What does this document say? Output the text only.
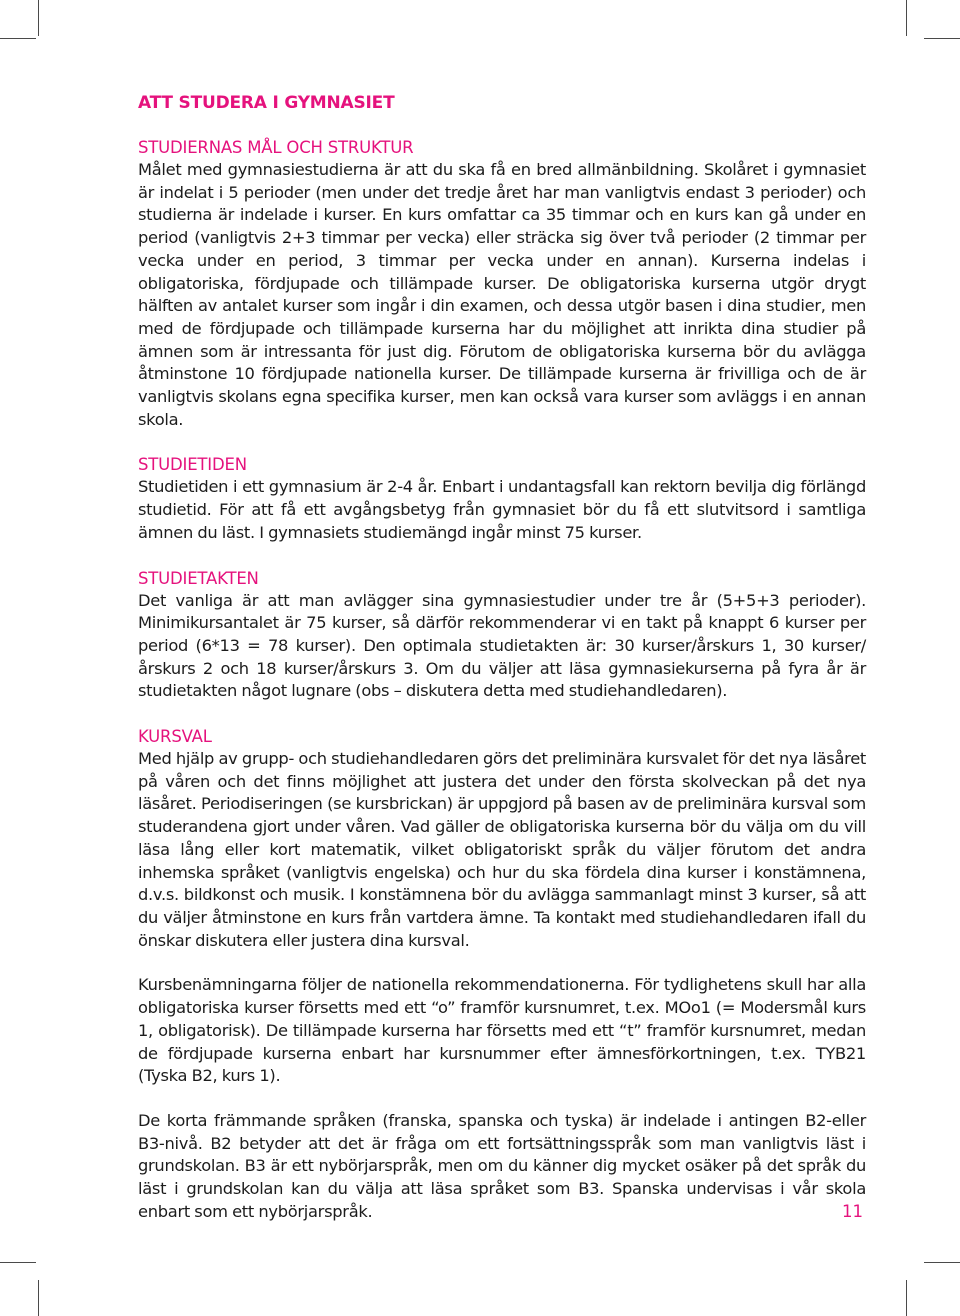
ATT STUDERA I GYMNASIET
STUDIERNAS MÅL OCH STRUKTUR

Målet med gymnasiestudierna är att du ska få en bred allmänbildning. Skolåret i gymnasiet är indelat i 5 perioder (men under det tredje året har man vanligtvis endast 3 perioder) och studierna är indelade i kurser. En kurs omfattar ca 35 timmar och en kurs kan gå under en period (vanligtvis 2+3 timmar per vecka) eller sträcka sig över två perioder (2 timmar per vecka under en period, 3 timmar per vecka under en annan). Kurserna indelas i obligatoriska, fördjupade och tillämpade kurser. De obligatoriska kurserna utgör drygt hälften av antalet kurser som ingår i din examen, och dessa utgör basen i dina studier, men med de fördjupade och tillämpade kurserna har du möjlighet att inrikta dina studier på ämnen som är intressanta för just dig. Förutom de obligatoriska kurserna bör du avlägga åtminstone 10 fördjupade nationella kurser. De tillämpade kurserna är frivilliga och de är vanligtvis skolans egna specifika kurser, men kan också vara kurser som avläggs i en annan skola.

STUDIETIDEN

Studietiden i ett gymnasium är 2-4 år. Enbart i undantagsfall kan rektorn bevilja dig förlängd studietid. För att få ett avgångsbetyg från gymnasiet bör du få ett slutvitsord i samtliga ämnen du läst. I gymnasiets studiemängd ingår minst 75 kurser.

STUDIETAKTEN

Det vanliga är att man avlägger sina gymnasiestudier under tre år (5+5+3 perioder). Minimikursantalet är 75 kurser, så därför rekommenderar vi en takt på knappt 6 kurser per period (6*13 = 78 kurser). Den optimala studietakten är: 30 kurser/årskurs 1, 30 kurser/årskurs 2 och 18 kurser/årskurs 3. Om du väljer att läsa gymnasiekurserna på fyra år är studietakten något lugnare (obs – diskutera detta med studiehandledaren).

KURSVAL

Med hjälp av grupp- och studiehandledaren görs det preliminära kursvalet för det nya läsåret på våren och det finns möjlighet att justera det under den första skolveckan på det nya läsåret. Periodiseringen (se kursbrickan) är uppgjord på basen av de preliminära kursval som studerandena gjort under våren. Vad gäller de obligatoriska kurserna bör du välja om du vill läsa lång eller kort matematik, vilket obligatoriskt språk du väljer förutom det andra inhemska språket (vanligtvis engelska) och hur du ska fördela dina kurser i konstämnena, d.v.s. bildkonst och musik. I konstämnena bör du avlägga sammanlagt minst 3 kurser, så att du väljer åtminstone en kurs från vartdera ämne. Ta kontakt med studiehandledaren ifall du önskar diskutera eller justera dina kursval.

Kursbenämningarna följer de nationella rekommendationerna. För tydlighetens skull har alla obligatoriska kurser försetts med ett “o” framför kursnumret, t.ex. MOo1 (= Modersmål kurs 1, obligatorisk). De tillämpade kurserna har försetts med ett “t” framför kursnumret, medan de fördjupade kurserna enbart har kursnummer efter ämnesförkortningen, t.ex. TYB21 (Tyska B2, kurs 1).

De korta främmande språken (franska, spanska och tyska) är indelade i antingen B2-eller B3-nivå. B2 betyder att det är fråga om ett fortsättningsspråk som man vanligtvis läst i grundskolan. B3 är ett nybörjarspråk, men om du känner dig mycket osäker på det språk du läst i grundskolan kan du välja att läsa språket som B3. Spanska undervisas i vår skola enbart som ett nybörjarspråk.	11
